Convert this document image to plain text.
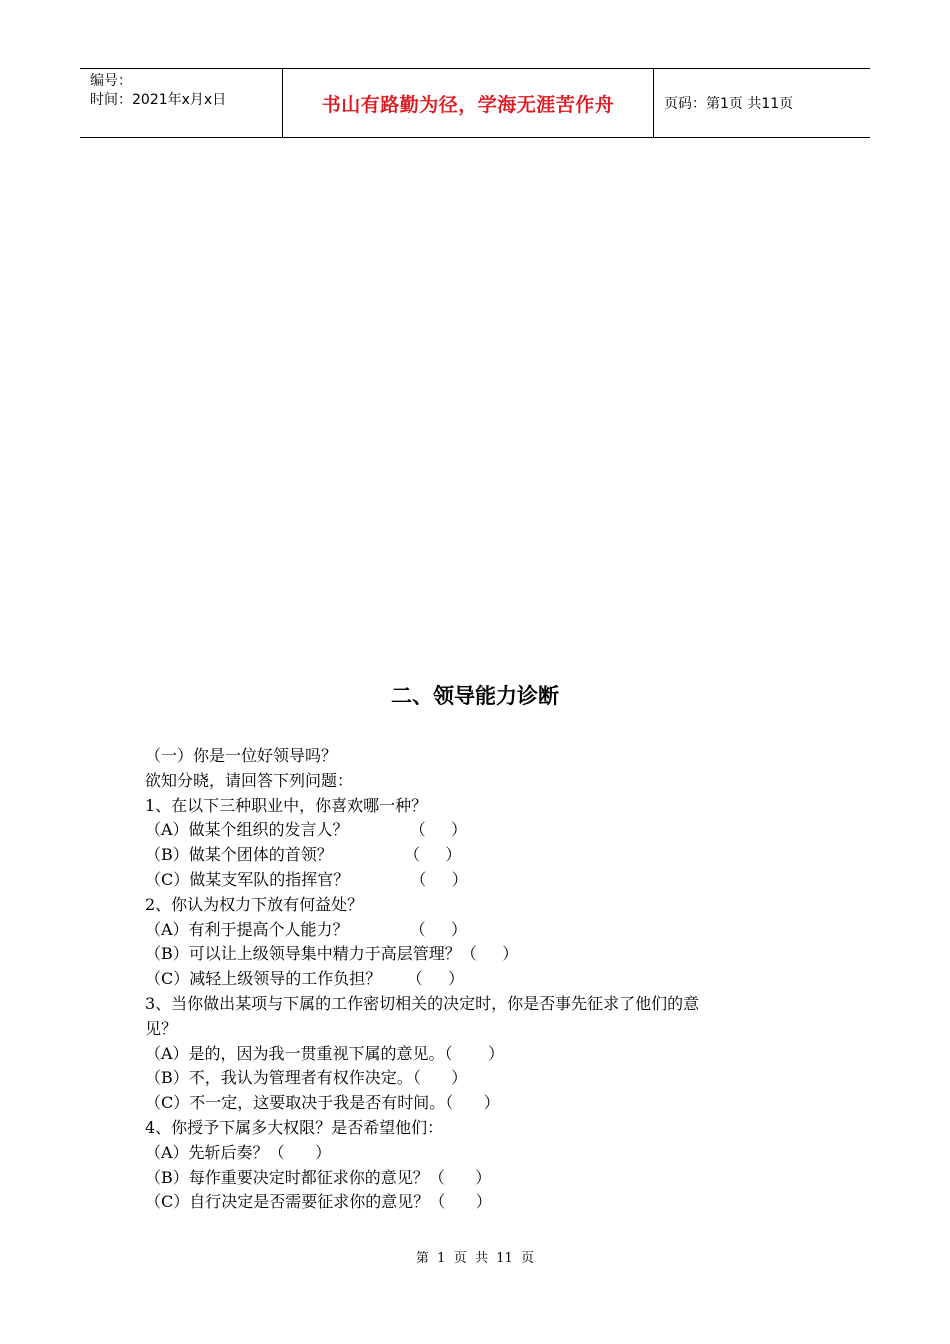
编号：
时间：2021年x月x日	书山有路勤为径，学海无涯苦作舟	页码：第1页 共11页
二、领导能力诊断
（一）你是一位好领导吗？
欲知分晓，请回答下列问题：
1、在以下三种职业中，你喜欢哪一种？
（A）做某个组织的发言人？            （     ）
（B）做某个团体的首领？              （     ）
（C）做某支军队的指挥官？            （     ）
2、你认为权力下放有何益处？
（A）有利于提高个人能力？            （     ）
（B）可以让上级领导集中精力于高层管理？（     ）
（C）减轻上级领导的工作负担？     （     ）
3、当你做出某项与下属的工作密切相关的决定时，你是否事先征求了他们的意
见？
（A）是的，因为我一贯重视下属的意见。（       ）
（B）不，我认为管理者有权作决定。（      ）
（C）不一定，这要取决于我是否有时间。（      ）
4、你授予下属多大权限？是否希望他们：
（A）先斩后奏？（      ）
（B）每作重要决定时都征求你的意见？（      ）
（C）自行决定是否需要征求你的意见？（      ）
第  1  页  共  11  页
